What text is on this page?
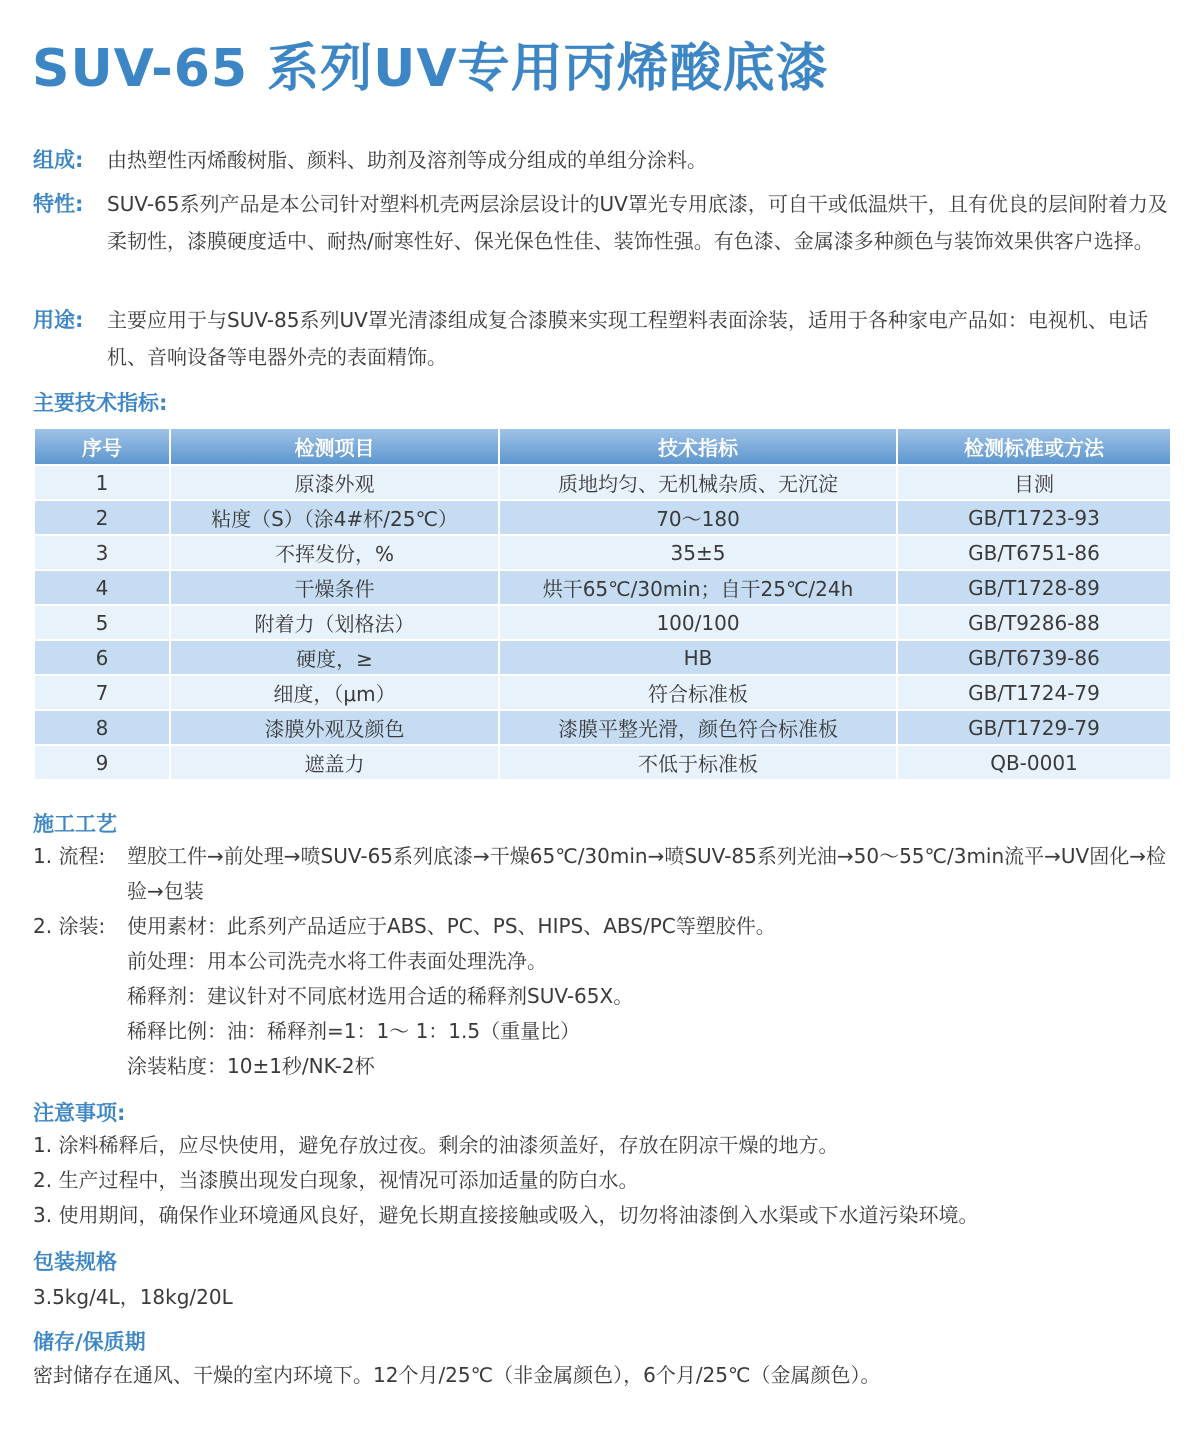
SUV-65 系列UV专用丙烯酸底漆
组成: 由热塑性丙烯酸树脂、颜料、助剂及溶剂等成分组成的单组分涂料。
特性: SUV-65系列产品是本公司针对塑料机壳两层涂层设计的UV罩光专用底漆，可自干或低温烘干，且有优良的层间附着力及柔韧性，漆膜硬度适中、耐热/耐寒性好、保光保色性佳、装饰性强。有色漆、金属漆多种颜色与装饰效果供客户选择。
用途: 主要应用于与SUV-85系列UV罩光清漆组成复合漆膜来实现工程塑料表面涂装，适用于各种家电产品如：电视机、电话机、音响设备等电器外壳的表面精饰。
主要技术指标:
序号	检测项目	技术指标	检测标准或方法
1	原漆外观	质地均匀、无机械杂质、无沉淀	目测
2	粘度（S）（涂4#杯/25℃）	70～180	GB/T1723-93
3	不挥发份，%	35±5	GB/T6751-86
4	干燥条件	烘干65℃/30min；自干25℃/24h	GB/T1728-89
5	附着力（划格法）	100/100	GB/T9286-88
6	硬度，≥	HB	GB/T6739-86
7	细度，（μm）	符合标准板	GB/T1724-79
8	漆膜外观及颜色	漆膜平整光滑，颜色符合标准板	GB/T1729-79
9	遮盖力	不低于标准板	QB-0001
施工工艺
1. 流程:	塑胶工件→前处理→喷SUV-65系列底漆→干燥65℃/30min→喷SUV-85系列光油→50～55℃/3min流平→UV固化→检验→包装
2. 涂装: 使用素材：此系列产品适应于ABS、PC、PS、HIPS、ABS/PC等塑胶件。
前处理：用本公司洗壳水将工件表面处理洗净。
稀释剂：建议针对不同底材选用合适的稀释剂SUV-65X。
稀释比例：油：稀释剂=1：1～ 1：1.5（重量比）
涂装粘度：10±1秒/NK-2杯
注意事项:
1. 涂料稀释后，应尽快使用，避免存放过夜。剩余的油漆须盖好，存放在阴凉干燥的地方。
2. 生产过程中，当漆膜出现发白现象，视情况可添加适量的防白水。
3. 使用期间，确保作业环境通风良好，避免长期直接接触或吸入，切勿将油漆倒入水渠或下水道污染环境。
包装规格
3.5kg/4L，18kg/20L
储存/保质期
密封储存在通风、干燥的室内环境下。12个月/25℃（非金属颜色），6个月/25℃（金属颜色）。
